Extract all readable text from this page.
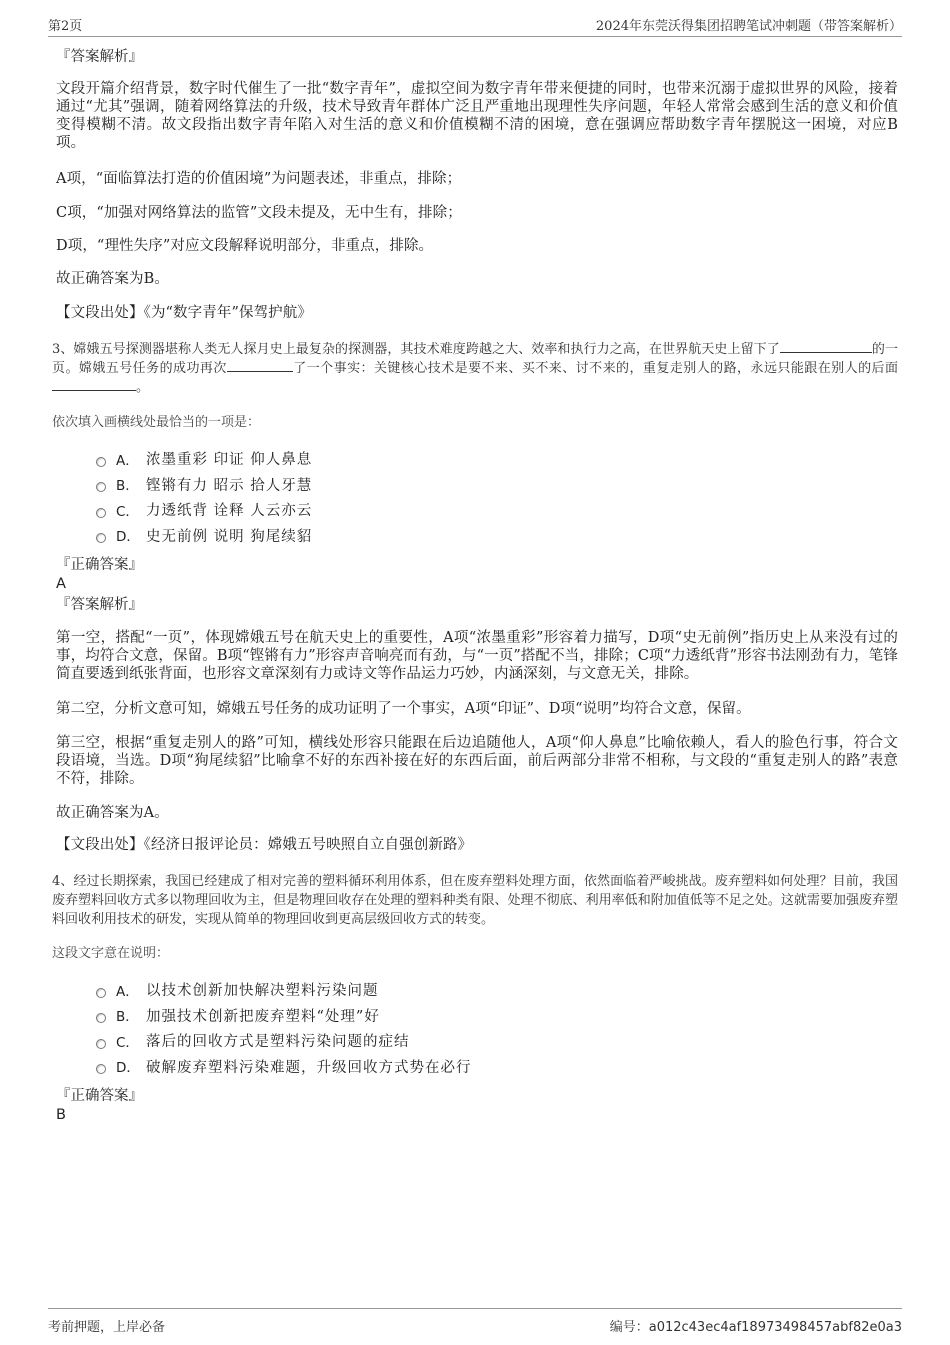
第2页	2024年东莞沃得集团招聘笔试冲刺题（带答案解析）
『答案解析』
文段开篇介绍背景，数字时代催生了一批“数字青年”，虚拟空间为数字青年带来便捷的同时，也带来沉溺于虚拟世界的风险，接着通过“尤其”强调，随着网络算法的升级，技术导致青年群体广泛且严重地出现理性失序问题，年轻人常常会感到生活的意义和价值变得模糊不清。故文段指出数字青年陷入对生活的意义和价值模糊不清的困境，意在强调应帮助数字青年摆脱这一困境，对应B项。
A项，“面临算法打造的价值困境”为问题表述，非重点，排除；
C项，“加强对网络算法的监管”文段未提及，无中生有，排除；
D项，“理性失序”对应文段解释说明部分，非重点，排除。
故正确答案为B。
【文段出处】《为“数字青年”保驾护航》
3、嫦娥五号探测器堪称人类无人探月史上最复杂的探测器，其技术难度跨越之大、效率和执行力之高，在世界航天史上留下了	的一页。嫦娥五号任务的成功再次	了一个事实：关键核心技术是要不来、买不来、讨不来的，重复走别人的路，永远只能跟在别人的后面。
依次填入画横线处最恰当的一项是：
A． 浓墨重彩 印证 仰人鼻息
B． 铿锵有力 昭示 拾人牙慧
C． 力透纸背 诠释 人云亦云
D． 史无前例 说明 狗尾续貂
『正确答案』
A
『答案解析』
第一空，搭配“一页”，体现嫦娥五号在航天史上的重要性，A项“浓墨重彩”形容着力描写，D项“史无前例”指历史上从来没有过的事，均符合文意，保留。B项“铿锵有力”形容声音响亮而有劲，与“一页”搭配不当，排除；C项“力透纸背”形容书法刚劲有力，笔锋简直要透到纸张背面，也形容文章深刻有力或诗文等作品运力巧妙，内涵深刻，与文意无关，排除。
第二空，分析文意可知，嫦娥五号任务的成功证明了一个事实，A项“印证”、D项“说明”均符合文意，保留。
第三空，根据“重复走别人的路”可知，横线处形容只能跟在后边追随他人，A项“仰人鼻息”比喻依赖人，看人的脸色行事，符合文段语境，当选。D项“狗尾续貂”比喻拿不好的东西补接在好的东西后面，前后两部分非常不相称，与文段的“重复走别人的路”表意不符，排除。
故正确答案为A。
【文段出处】《经济日报评论员：嫦娥五号映照自立自强创新路》
4、经过长期探索，我国已经建成了相对完善的塑料循环利用体系，但在废弃塑料处理方面，依然面临着严峻挑战。废弃塑料如何处理？目前，我国废弃塑料回收方式多以物理回收为主，但是物理回收存在处理的塑料种类有限、处理不彻底、利用率低和附加值低等不足之处。这就需要加强废弃塑料回收利用技术的研发，实现从简单的物理回收到更高层级回收方式的转变。
这段文字意在说明：
A． 以技术创新加快解决塑料污染问题
B． 加强技术创新把废弃塑料“处理”好
C． 落后的回收方式是塑料污染问题的症结
D． 破解废弃塑料污染难题，升级回收方式势在必行
『正确答案』
B
考前押题，上岸必备	编号：a012c43ec4af18973498457abf82e0a3
